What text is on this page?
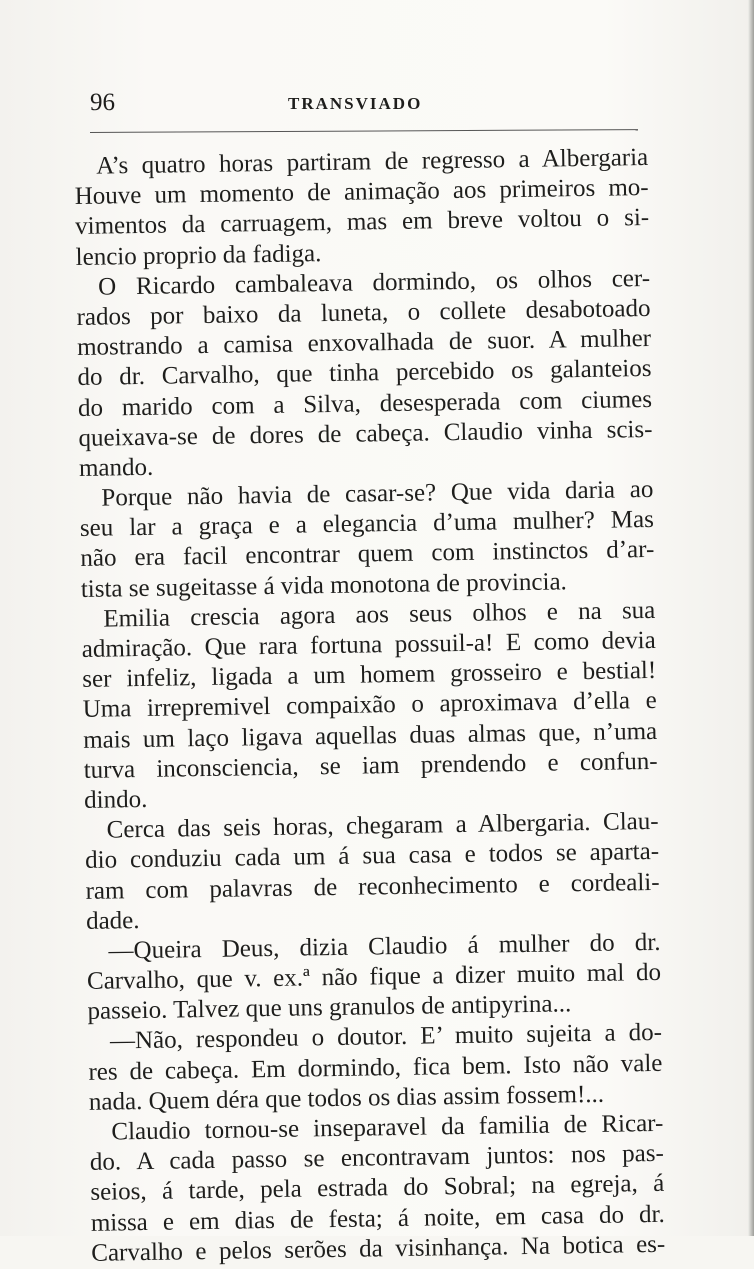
96	TRANSVIADO
A’s quatro horas partiram de regresso a Albergaria
Houve um momento de animação aos primeiros mo-
vimentos da carruagem, mas em breve voltou o si-
lencio proprio da fadiga.
O Ricardo cambaleava dormindo, os olhos cer-
rados por baixo da luneta, o collete desabotoado
mostrando a camisa enxovalhada de suor. A mulher
do dr. Carvalho, que tinha percebido os galanteios
do marido com a Silva, desesperada com ciumes
queixava-se de dores de cabeça. Claudio vinha scis-
mando.
Porque não havia de casar-se? Que vida daria ao
seu lar a graça e a elegancia d’uma mulher? Mas
não era facil encontrar quem com instinctos d’ar-
tista se sugeitasse á vida monotona de provincia.
Emilia crescia agora aos seus olhos e na sua
admiração. Que rara fortuna possuil-a! E como devia
ser infeliz, ligada a um homem grosseiro e bestial!
Uma irrepremivel compaixão o aproximava d’ella e
mais um laço ligava aquellas duas almas que, n’uma
turva inconsciencia, se iam prendendo e confun-
dindo.
Cerca das seis horas, chegaram a Albergaria. Clau-
dio conduziu cada um á sua casa e todos se aparta-
ram com palavras de reconhecimento e cordeali-
dade.
—Queira Deus, dizia Claudio á mulher do dr.
Carvalho, que v. ex.ª não fique a dizer muito mal do
passeio. Talvez que uns granulos de antipyrina...
—Não, respondeu o doutor. E’ muito sujeita a do-
res de cabeça. Em dormindo, fica bem. Isto não vale
nada. Quem déra que todos os dias assim fossem!...
Claudio tornou-se inseparavel da familia de Ricar-
do. A cada passo se encontravam juntos: nos pas-
seios, á tarde, pela estrada do Sobral; na egreja, á
missa e em dias de festa; á noite, em casa do dr.
Carvalho e pelos serões da visinhança. Na botica es-
